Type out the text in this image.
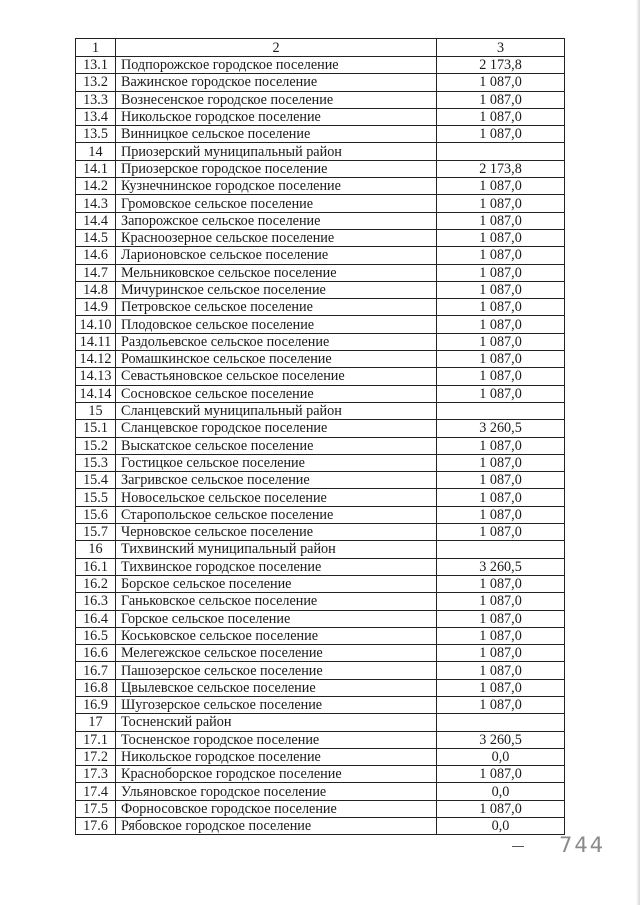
1	2	3
13.1	Подпорожское городское поселение	2 173,8
13.2	Важинское городское поселение	1 087,0
13.3	Вознесенское городское поселение	1 087,0
13.4	Никольское городское поселение	1 087,0
13.5	Винницкое сельское поселение	1 087,0
14	Приозерский муниципальный район	
14.1	Приозерское городское поселение	2 173,8
14.2	Кузнечнинское городское поселение	1 087,0
14.3	Громовское сельское поселение	1 087,0
14.4	Запорожское сельское поселение	1 087,0
14.5	Красноозерное сельское поселение	1 087,0
14.6	Ларионовское сельское поселение	1 087,0
14.7	Мельниковское сельское поселение	1 087,0
14.8	Мичуринское сельское поселение	1 087,0
14.9	Петровское сельское поселение	1 087,0
14.10	Плодовское сельское поселение	1 087,0
14.11	Раздольевское сельское поселение	1 087,0
14.12	Ромашкинское сельское поселение	1 087,0
14.13	Севастьяновское сельское поселение	1 087,0
14.14	Сосновское сельское поселение	1 087,0
15	Сланцевский муниципальный район	
15.1	Сланцевское городское поселение	3 260,5
15.2	Выскатское сельское поселение	1 087,0
15.3	Гостицкое сельское поселение	1 087,0
15.4	Загривское сельское поселение	1 087,0
15.5	Новосельское сельское поселение	1 087,0
15.6	Старопольское сельское поселение	1 087,0
15.7	Черновское сельское поселение	1 087,0
16	Тихвинский муниципальный район	
16.1	Тихвинское городское поселение	3 260,5
16.2	Борское сельское поселение	1 087,0
16.3	Ганьковское сельское поселение	1 087,0
16.4	Горское сельское поселение	1 087,0
16.5	Коськовское сельское поселение	1 087,0
16.6	Мелегежское сельское поселение	1 087,0
16.7	Пашозерское сельское поселение	1 087,0
16.8	Цвылевское сельское поселение	1 087,0
16.9	Шугозерское сельское поселение	1 087,0
17	Тосненский район	
17.1	Тосненское городское поселение	3 260,5
17.2	Никольское городское поселение	0,0
17.3	Красноборское городское поселение	1 087,0
17.4	Ульяновское городское поселение	0,0
17.5	Форносовское городское поселение	1 087,0
17.6	Рябовское городское поселение	0,0
744
